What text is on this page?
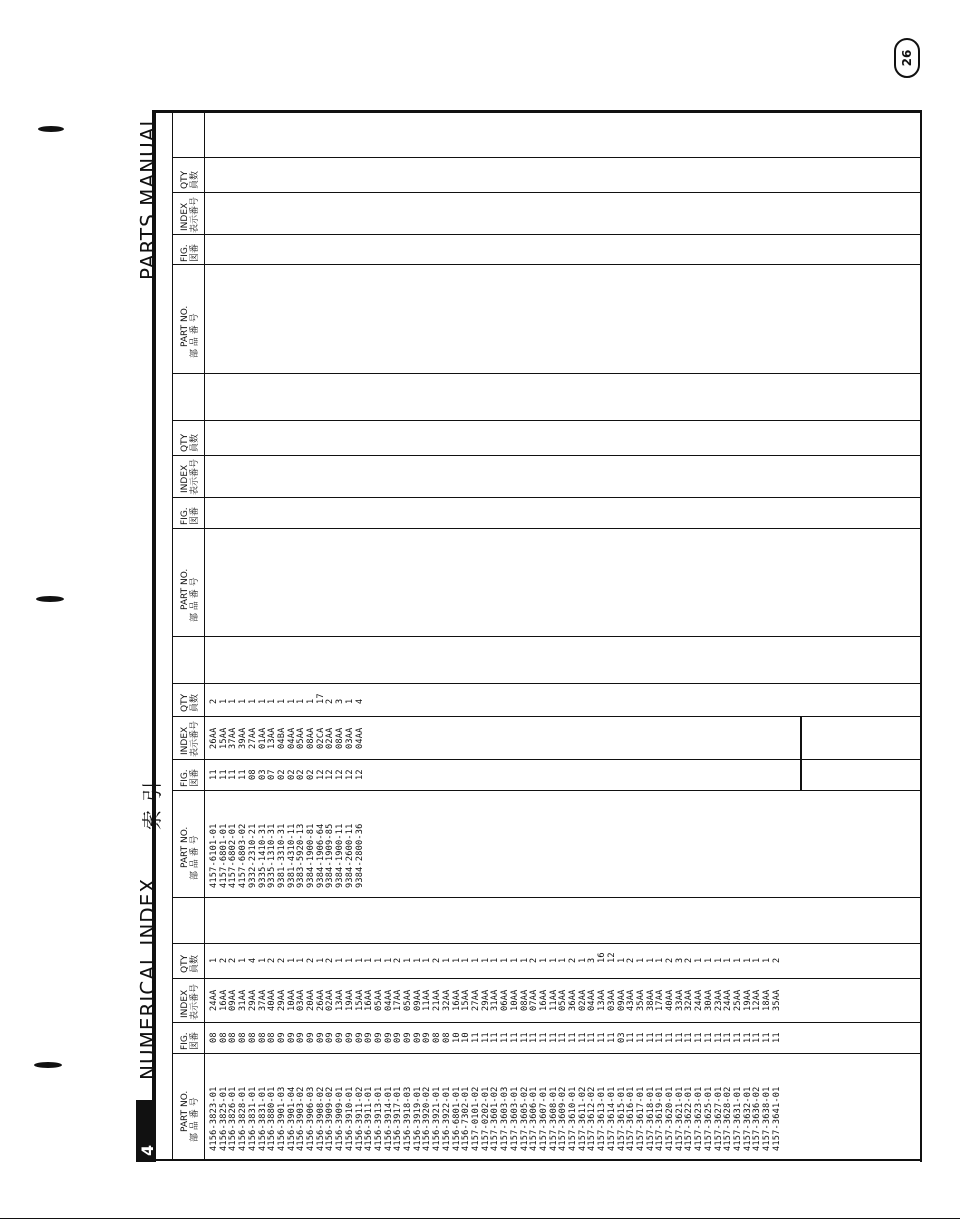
PARTS MANUAL
NUMERICAL INDEX
索 引
4
26
PART NO. 部 品 番 号
FIG. 図番
INDEX 表示番号
QTY 員数
PART NO. 部 品 番 号
FIG. 図番
INDEX 表示番号
QTY 員数
PART NO. 部 品 番 号
FIG. 図番
INDEX 表示番号
QTY 員数
PART NO. 部 品 番 号
FIG. 図番
INDEX 表示番号
QTY 員数
4156-3823-01
4156-3825-01
4156-3826-01
4156-3828-01
4156-3831-01
4156-3831-01
4156-3880-01
4156-3901-03
4156-3901-04
4156-3903-02
4156-3906-03
4156-3908-02
4156-3909-02
4156-3909-01
4156-3910-01
4156-3911-02
4156-3911-01
4156-3913-01
4156-3914-01
4156-3917-01
4156-3918-03
4156-3919-01
4156-3920-02
4156-3921-01
4156-3922-01
4156-6801-01
4156-7302-01
4157-0101-02
4157-0202-01
4157-3601-02
4157-3603-03
4157-3603-01
4157-3605-02
4157-3606-01
4157-3607-01
4157-3608-01
4157-3609-02
4157-3610-01
4157-3611-02
4157-3612-02
4157-3613-01
4157-3614-01
4157-3615-01
4157-3616-01
4157-3617-01
4157-3618-01
4157-3619-01
4157-3620-01
4157-3621-01
4157-3622-01
4157-3623-01
4157-3625-01
4157-3627-01
4157-3628-02
4157-3631-01
4157-3632-01
4157-3636-02
4157-3638-01
4157-3641-01
08
08
08
08
08
08
08
09
09
09
09
09
09
09
09
09
09
09
09
09
09
09
09
08
08
10
10
11
11
11
11
11
11
11
11
11
11
11
11
11
11
11
03
11
11
11
11
11
11
11
11
11
11
11
11
11
11
11
11
24AA
16AA
09AA
31AA
29AA
37AA
40AA
29AA
10AA
03AA
20AA
26AA
02AA
13AA
19AA
15AA
16AA
05AA
04AA
17AA
05AA
09AA
11AA
21AA
32AA
16AA
15AA
27AA
29AA
31AA
06AA
10AA
08AA
07AA
16AA
11AA
05AA
36AA
02AA
04AA
13AA
03AA
09AA
43AA
35AA
38AA
17AA
40AA
33AA
32AA
24AA
30AA
23AA
24AA
25AA
19AA
12AA
18AA
35AA
1
2
2
1
4
1
2
2
1
1
2
1
2
1
1
1
1
1
1
2
1
1
1
2
1
1
1
1
1
1
1
1
1
2
1
1
1
2
1
3
16
12
1
2
1
1
1
2
3
2
1
1
1
1
1
1
1
1
2
4157-6101-01
4157-6801-01
4157-6802-01
4157-6803-02
9332-2310-21
9335-1410-31
9335-1310-31
9381-3310-31
9381-4310-11
9383-5920-13
9384-1900-81
9384-1906-64
9384-1909-85
9384-1900-11
9384-2600-11
9384-2800-36
11
11
11
11
08
03
07
02
02
02
02
12
12
12
12
12
26AA
15AA
37AA
39AA
27AA
01AA
13AA
04BA
04AA
05AA
08AA
02CA
02AA
08AA
03AA
04AA
2
1
1
1
1
1
1
1
1
1
1
17
2
3
1
4
